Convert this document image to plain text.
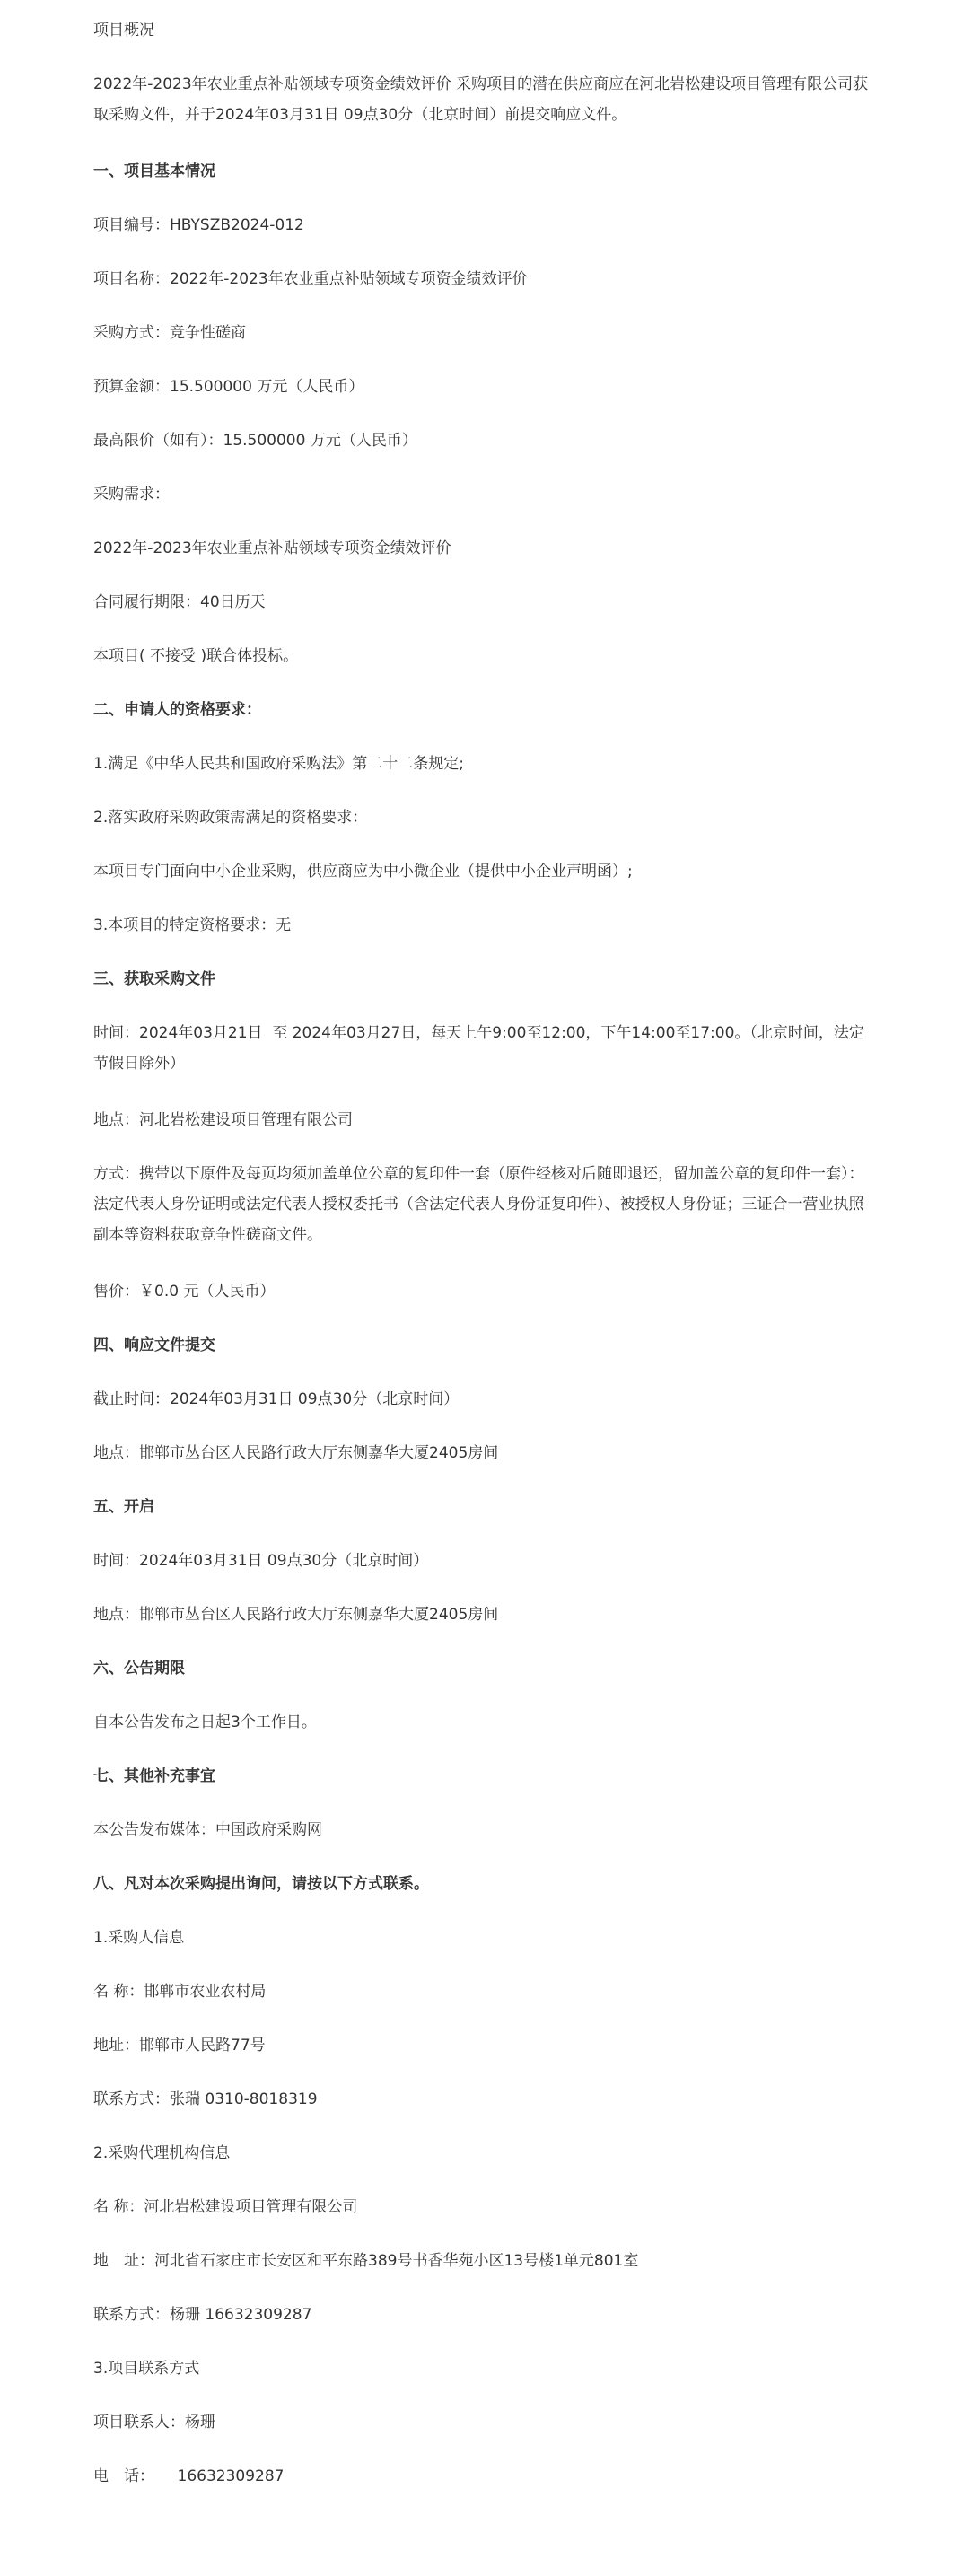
项目概况
2022年-2023年农业重点补贴领域专项资金绩效评价 采购项目的潜在供应商应在河北岩松建设项目管理有限公司获取采购文件，并于2024年03月31日 09点30分（北京时间）前提交响应文件。
一、项目基本情况
项目编号：HBYSZB2024-012
项目名称：2022年-2023年农业重点补贴领域专项资金绩效评价
采购方式：竞争性磋商
预算金额：15.500000 万元（人民币）
最高限价（如有）：15.500000 万元（人民币）
采购需求：
2022年-2023年农业重点补贴领域专项资金绩效评价
合同履行期限：40日历天
本项目( 不接受 )联合体投标。
二、申请人的资格要求：
1.满足《中华人民共和国政府采购法》第二十二条规定;
2.落实政府采购政策需满足的资格要求：
本项目专门面向中小企业采购，供应商应为中小微企业（提供中小企业声明函）;
3.本项目的特定资格要求：无
三、获取采购文件
时间：2024年03月21日  至 2024年03月27日，每天上午9:00至12:00，下午14:00至17:00。（北京时间，法定节假日除外）
地点：河北岩松建设项目管理有限公司
方式：携带以下原件及每页均须加盖单位公章的复印件一套（原件经核对后随即退还，留加盖公章的复印件一套）：法定代表人身份证明或法定代表人授权委托书（含法定代表人身份证复印件）、被授权人身份证；三证合一营业执照副本等资料获取竞争性磋商文件。
售价：￥0.0 元（人民币）
四、响应文件提交
截止时间：2024年03月31日 09点30分（北京时间）
地点：邯郸市丛台区人民路行政大厅东侧嘉华大厦2405房间
五、开启
时间：2024年03月31日 09点30分（北京时间）
地点：邯郸市丛台区人民路行政大厅东侧嘉华大厦2405房间
六、公告期限
自本公告发布之日起3个工作日。
七、其他补充事宜
本公告发布媒体：中国政府采购网
八、凡对本次采购提出询问，请按以下方式联系。
1.采购人信息
名 称：邯郸市农业农村局
地址：邯郸市人民路77号
联系方式：张瑞 0310-8018319
2.采购代理机构信息
名 称：河北岩松建设项目管理有限公司
地　址：河北省石家庄市长安区和平东路389号书香华苑小区13号楼1单元801室
联系方式：杨珊 16632309287
3.项目联系方式
项目联系人：杨珊
电　话：　　16632309287
